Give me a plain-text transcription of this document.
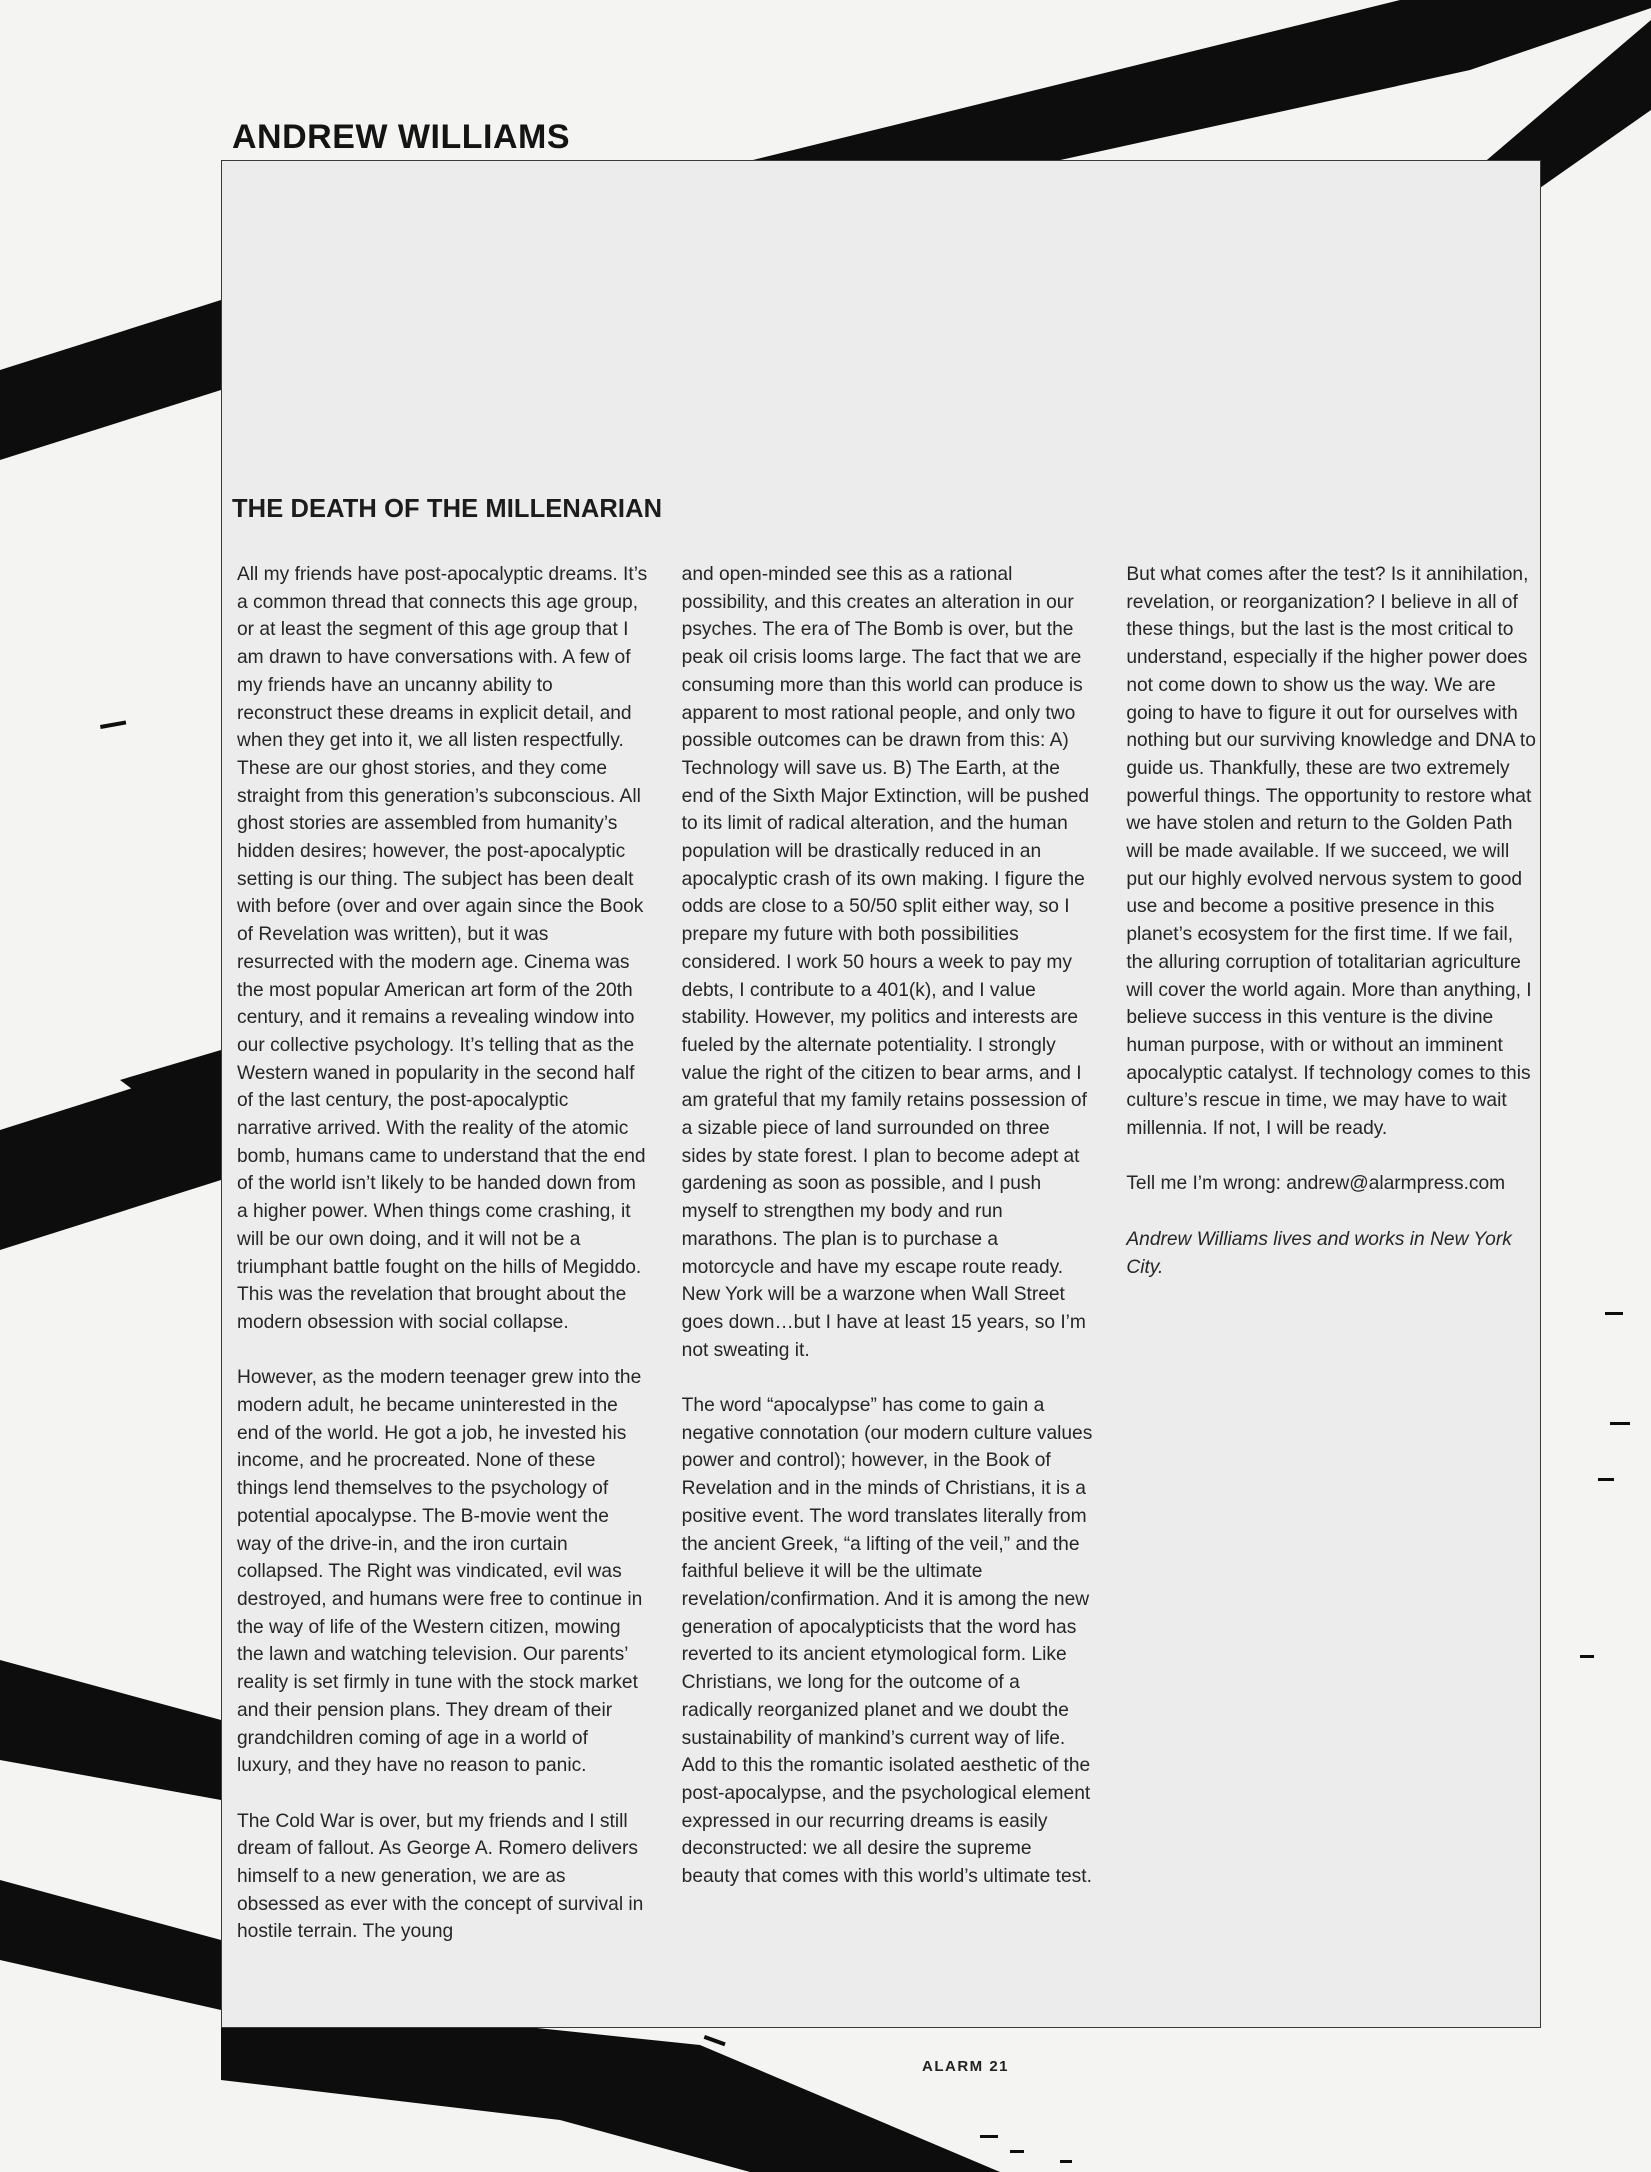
ANDREW WILLIAMS
THE DEATH OF THE MILLENARIAN

All my friends have post-apocalyptic dreams. It’s a common thread that connects this age group, or at least the segment of this age group that I am drawn to have conversations with. A few of my friends have an uncanny ability to reconstruct these dreams in explicit detail, and when they get into it, we all listen respectfully. These are our ghost stories, and they come straight from this generation’s subconscious. All ghost stories are assembled from humanity’s hidden desires; however, the post-apocalyptic setting is our thing. The subject has been dealt with before (over and over again since the Book of Revelation was written), but it was resurrected with the modern age. Cinema was the most popular American art form of the 20th century, and it remains a revealing window into our collective psychology. It’s telling that as the Western waned in popularity in the second half of the last century, the post-apocalyptic narrative arrived. With the reality of the atomic bomb, humans came to understand that the end of the world isn’t likely to be handed down from a higher power. When things come crashing, it will be our own doing, and it will not be a triumphant battle fought on the hills of Megiddo. This was the revelation that brought about the modern obsession with social collapse.

However, as the modern teenager grew into the modern adult, he became uninterested in the end of the world. He got a job, he invested his income, and he procreated. None of these things lend themselves to the psychology of potential apocalypse. The B-movie went the way of the drive-in, and the iron curtain collapsed. The Right was vindicated, evil was destroyed, and humans were free to continue in the way of life of the Western citizen, mowing the lawn and watching television. Our parents’ reality is set firmly in tune with the stock market and their pension plans. They dream of their grandchildren coming of age in a world of luxury, and they have no reason to panic.

The Cold War is over, but my friends and I still dream of fallout. As George A. Romero delivers himself to a new generation, we are as obsessed as ever with the concept of survival in hostile terrain. The young

and open-minded see this as a rational possibility, and this creates an alteration in our psyches. The era of The Bomb is over, but the peak oil crisis looms large. The fact that we are consuming more than this world can produce is apparent to most rational people, and only two possible outcomes can be drawn from this: A) Technology will save us. B) The Earth, at the end of the Sixth Major Extinction, will be pushed to its limit of radical alteration, and the human population will be drastically reduced in an apocalyptic crash of its own making. I figure the odds are close to a 50/50 split either way, so I prepare my future with both possibilities considered. I work 50 hours a week to pay my debts, I contribute to a 401(k), and I value stability. However, my politics and interests are fueled by the alternate potentiality. I strongly value the right of the citizen to bear arms, and I am grateful that my family retains possession of a sizable piece of land surrounded on three sides by state forest. I plan to become adept at gardening as soon as possible, and I push myself to strengthen my body and run marathons. The plan is to purchase a motorcycle and have my escape route ready. New York will be a warzone when Wall Street goes down…but I have at least 15 years, so I’m not sweating it.

The word “apocalypse” has come to gain a negative connotation (our modern culture values power and control); however, in the Book of Revelation and in the minds of Christians, it is a positive event. The word translates literally from the ancient Greek, “a lifting of the veil,” and the faithful believe it will be the ultimate revelation/confirmation. And it is among the new generation of apocalypticists that the word has reverted to its ancient etymological form. Like Christians, we long for the outcome of a radically reorganized planet and we doubt the sustainability of mankind’s current way of life. Add to this the romantic isolated aesthetic of the post-apocalypse, and the psychological element expressed in our recurring dreams is easily deconstructed: we all desire the supreme beauty that comes with this world’s ultimate test.

But what comes after the test? Is it annihilation, revelation, or reorganization? I believe in all of these things, but the last is the most critical to understand, especially if the higher power does not come down to show us the way. We are going to have to figure it out for ourselves with nothing but our surviving knowledge and DNA to guide us. Thankfully, these are two extremely powerful things. The opportunity to restore what we have stolen and return to the Golden Path will be made available. If we succeed, we will put our highly evolved nervous system to good use and become a positive presence in this planet’s ecosystem for the first time. If we fail, the alluring corruption of totalitarian agriculture will cover the world again. More than anything, I believe success in this venture is the divine human purpose, with or without an imminent apocalyptic catalyst. If technology comes to this culture’s rescue in time, we may have to wait millennia. If not, I will be ready.

Tell me I’m wrong: andrew@alarmpress.com

Andrew Williams lives and works in New York City.

ALARM 21
